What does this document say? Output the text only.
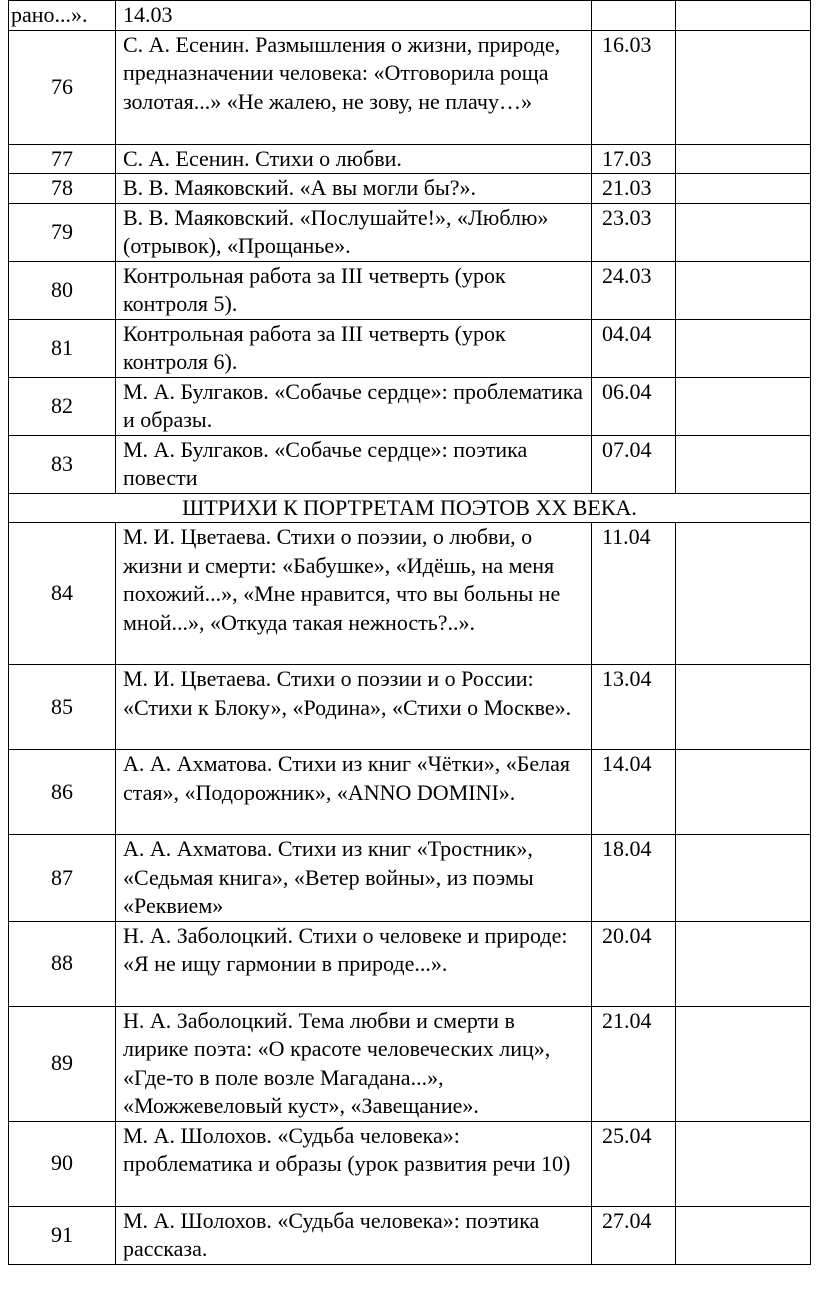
рано...».	14.03		
76	С. А. Есенин. Размышления о жизни, природе, предназначении человека: «Отговорила роща золотая...» «Не жалею, не зову, не плачу…»	16.03	
77	С. А. Есенин. Стихи о любви.	17.03	
78	В. В. Маяковский. «А вы могли бы?».	21.03	
79	В. В. Маяковский. «Послушайте!», «Люблю» (отрывок), «Прощанье».	23.03	
80	Контрольная работа за III четверть (урок контроля 5).	24.03	
81	Контрольная работа за III четверть (урок контроля 6).	04.04	
82	М. А. Булгаков. «Собачье сердце»: проблематика и образы.	06.04	
83	М. А. Булгаков. «Собачье сердце»: поэтика повести	07.04	
ШТРИХИ К ПОРТРЕТАМ ПОЭТОВ XX ВЕКА.			
84	М. И. Цветаева. Стихи о поэзии, о любви, о жизни и смерти: «Бабушке», «Идёшь, на меня похожий...», «Мне нравится, что вы больны не мной...», «Откуда такая нежность?..».	11.04	
85	М. И. Цветаева. Стихи о поэзии и о России: «Стихи к Блоку», «Родина», «Стихи о Москве».	13.04	
86	А. А. Ахматова. Стихи из книг «Чётки», «Белая стая», «Подорожник», «ANNO DOMINI».	14.04	
87	А. А. Ахматова. Стихи из книг «Тростник», «Седьмая книга», «Ветер войны», из поэмы «Реквием»	18.04	
88	Н. А. Заболоцкий. Стихи о человеке и природе: «Я не ищу гармонии в природе...».	20.04	
89	Н. А. Заболоцкий. Тема любви и смерти в лирике поэта: «О красоте человеческих лиц», «Где-то в поле возле Магадана...», «Можжевеловый куст», «Завещание».	21.04	
90	М. А. Шолохов. «Судьба человека»: проблематика и образы (урок развития речи 10)	25.04	
91	М. А. Шолохов. «Судьба человека»: поэтика рассказа.	27.04	
